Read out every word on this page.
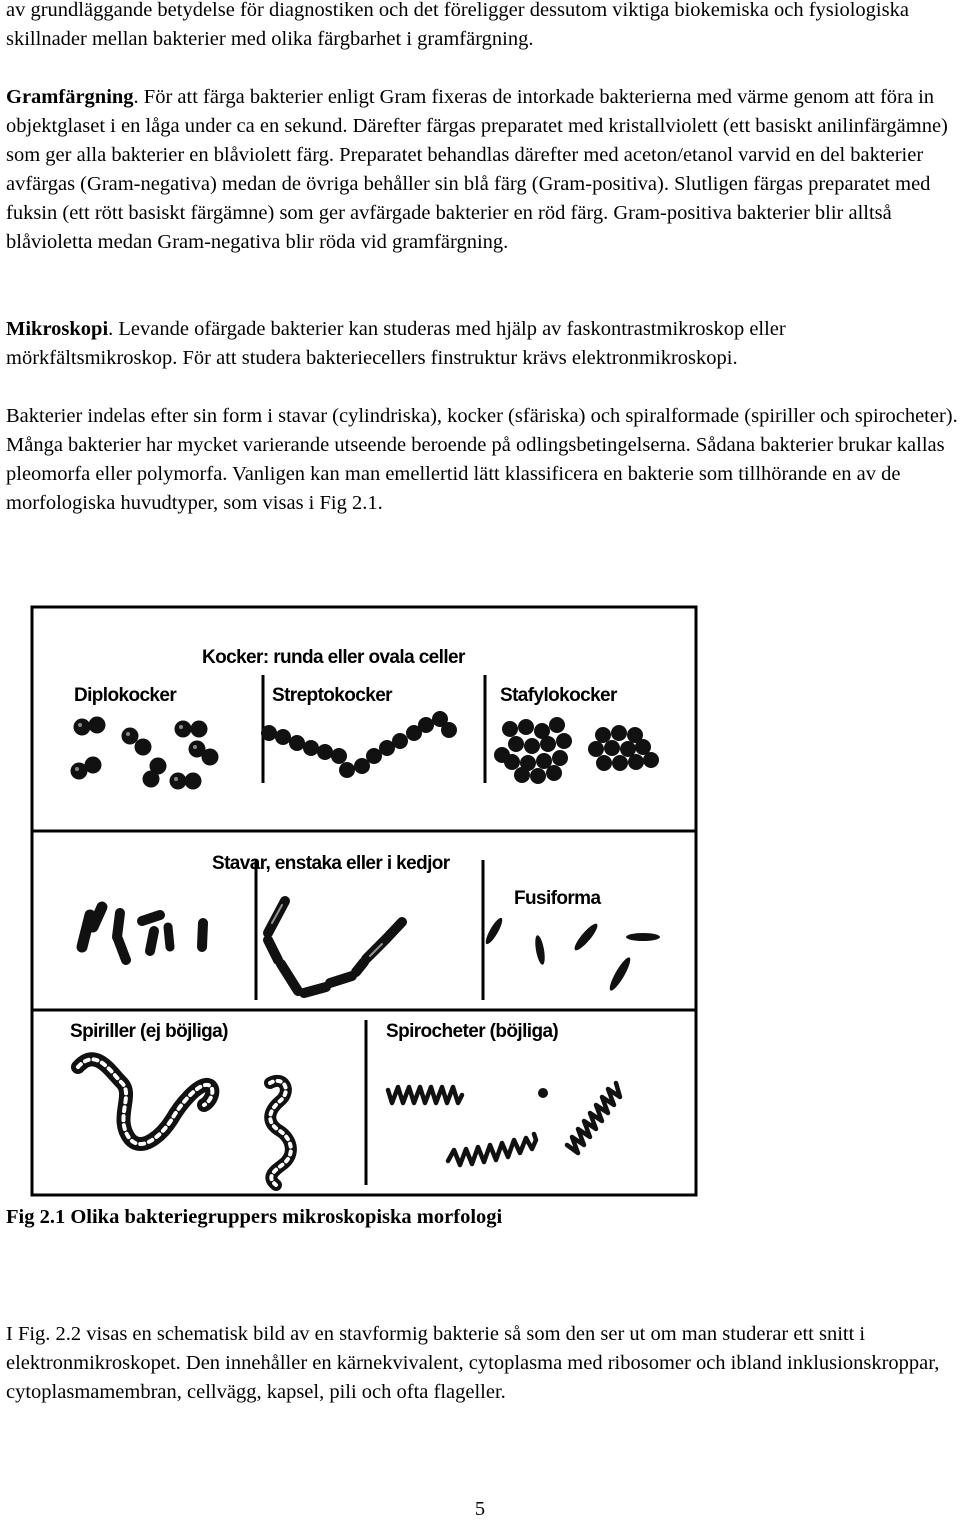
av grundläggande betydelse för diagnostiken och det föreligger dessutom viktiga biokemiska och fysiologiska skillnader mellan bakterier med olika färgbarhet i gramfärgning.

Gramfärgning. För att färga bakterier enligt Gram fixeras de intorkade bakterierna med värme genom att föra in objektglaset i en låga under ca en sekund. Därefter färgas preparatet med kristallviolett (ett basiskt anilinfärgämne) som ger alla bakterier en blåviolett färg. Preparatet behandlas därefter med aceton/etanol varvid en del bakterier avfärgas (Gram-negativa) medan de övriga behåller sin blå färg (Gram-positiva). Slutligen färgas preparatet med fuksin (ett rött basiskt färgämne) som ger avfärgade bakterier en röd färg. Gram-positiva bakterier blir alltså blåvioletta medan Gram-negativa blir röda vid gramfärgning.

Mikroskopi. Levande ofärgade bakterier kan studeras med hjälp av faskontrastmikroskop eller mörkfältsmikroskop. För att studera bakteriecellers finstruktur krävs elektronmikroskopi.

Bakterier indelas efter sin form i stavar (cylindriska), kocker (sfäriska) och spiralformade (spiriller och spirocheter). Många bakterier har mycket varierande utseende beroende på odlingsbetingelserna. Sådana bakterier brukar kallas pleomorfa eller polymorfa. Vanligen kan man emellertid lätt klassificera en bakterie som tillhörande en av de morfologiska huvudtyper, som visas i Fig 2.1.

Kocker: runda eller ovala celler
Diplokocker	Streptokocker	Stafylokocker
Stavar, enstaka eller i kedjor
Fusiforma
Spiriller (ej böjliga)	Spirocheter (böjliga)

Fig 2.1 Olika bakteriegruppers mikroskopiska morfologi

I Fig. 2.2 visas en schematisk bild av en stavformig bakterie så som den ser ut om man studerar ett snitt i elektronmikroskopet. Den innehåller en kärnekvivalent, cytoplasma med ribosomer och ibland inklusionskroppar, cytoplasmamembran, cellvägg, kapsel, pili och ofta flageller.

5
